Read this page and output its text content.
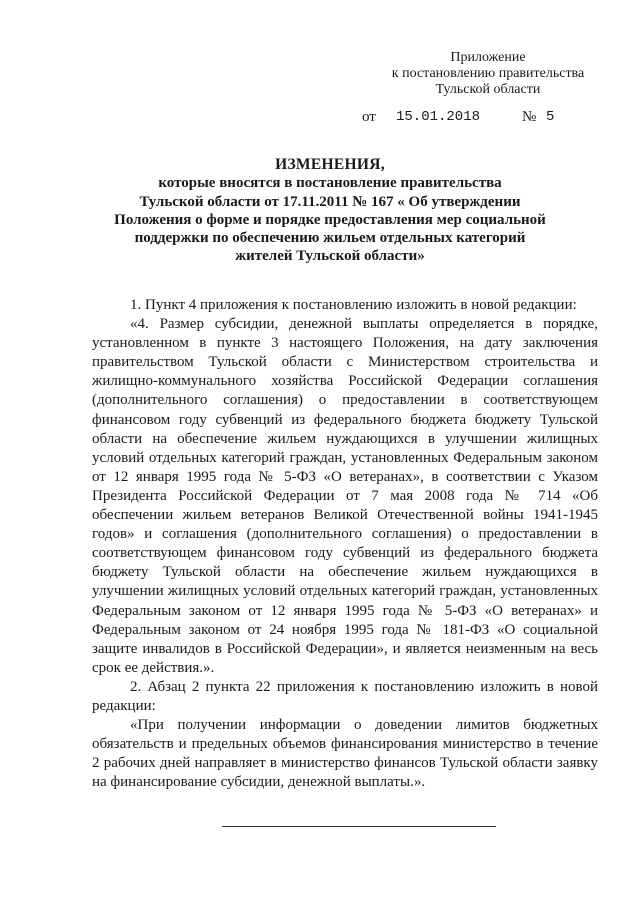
Приложение
к постановлению правительства
Тульской области
от 15.01.2018	№ 5
ИЗМЕНЕНИЯ,
которые вносятся в постановление правительства
Тульской области от 17.11.2011 № 167 « Об утверждении
Положения о форме и порядке предоставления мер социальной
поддержки по обеспечению жильем отдельных категорий
жителей Тульской области»

1. Пункт 4 приложения к постановлению изложить в новой редакции:

«4. Размер субсидии, денежной выплаты определяется в порядке, установленном в пункте 3 настоящего Положения, на дату заключения правительством Тульской области с Министерством строительства и жилищно-коммунального хозяйства Российской Федерации соглашения (дополнительного соглашения) о предоставлении в соответствующем финансовом году субвенций из федерального бюджета бюджету Тульской области на обеспечение жильем нуждающихся в улучшении жилищных условий отдельных категорий граждан, установленных Федеральным законом от 12 января 1995 года № 5-ФЗ «О ветеранах», в соответствии с Указом Президента Российской Федерации от 7 мая 2008 года № 714 «Об обеспечении жильем ветеранов Великой Отечественной войны 1941-1945 годов» и соглашения (дополнительного соглашения) о предоставлении в соответствующем финансовом году субвенций из федерального бюджета бюджету Тульской области на обеспечение жильем нуждающихся в улучшении жилищных условий отдельных категорий граждан, установленных Федеральным законом от 12 января 1995 года № 5-ФЗ «О ветеранах» и Федеральным законом от 24 ноября 1995 года № 181-ФЗ «О социальной защите инвалидов в Российской Федерации», и является неизменным на весь срок ее действия.».

2. Абзац 2 пункта 22 приложения к постановлению изложить в новой редакции:

«При получении информации о доведении лимитов бюджетных обязательств и предельных объемов финансирования министерство в течение 2 рабочих дней направляет в министерство финансов Тульской области заявку на финансирование субсидии, денежной выплаты.».
